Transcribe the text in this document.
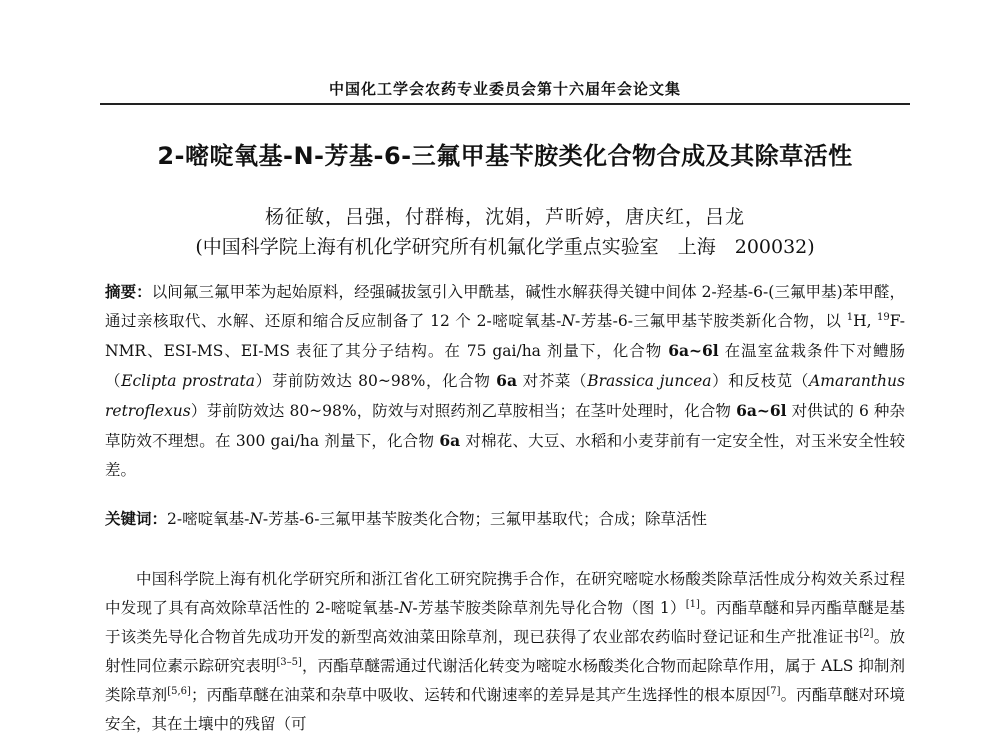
中国化工学会农药专业委员会第十六届年会论文集
2-嘧啶氧基-N-芳基-6-三氟甲基苄胺类化合物合成及其除草活性
杨征敏，吕强，付群梅，沈娟，芦昕婷，唐庆红，吕龙
(中国科学院上海有机化学研究所有机氟化学重点实验室　上海　200032)
摘要：以间氟三氟甲苯为起始原料，经强碱拔氢引入甲酰基，碱性水解获得关键中间体 2-羟基-6-(三氟甲基)苯甲醛，通过亲核取代、水解、还原和缩合反应制备了 12 个 2-嘧啶氧基-N-芳基-6-三氟甲基苄胺类新化合物，以 $^1$H, $^{19}$F-NMR、ESI-MS、EI-MS 表征了其分子结构。在 75 gai/ha 剂量下，化合物 6a~6l 在温室盆栽条件下对鳢肠（Eclipta prostrata）芽前防效达 80~98%，化合物 6a 对芥菜（Brassica juncea）和反枝苋（Amaranthus retroflexus）芽前防效达 80~98%，防效与对照药剂乙草胺相当；在茎叶处理时，化合物 6a~6l 对供试的 6 种杂草防效不理想。在 300 gai/ha 剂量下，化合物 6a 对棉花、大豆、水稻和小麦芽前有一定安全性，对玉米安全性较差。
关键词：2-嘧啶氧基-N-芳基-6-三氟甲基苄胺类化合物；三氟甲基取代；合成；除草活性

中国科学院上海有机化学研究所和浙江省化工研究院携手合作，在研究嘧啶水杨酸类除草活性成分构效关系过程中发现了具有高效除草活性的 2-嘧啶氧基-N-芳基苄胺类除草剂先导化合物（图 1）[1]。丙酯草醚和异丙酯草醚是基于该类先导化合物首先成功开发的新型高效油菜田除草剂，现已获得了农业部农药临时登记证和生产批准证书[2]。放射性同位素示踪研究表明[3–5]，丙酯草醚需通过代谢活化转变为嘧啶水杨酸类化合物而起除草作用，属于 ALS 抑制剂类除草剂[5,6]；丙酯草醚在油菜和杂草中吸收、运转和代谢速率的差异是其产生选择性的根本原因[7]。丙酯草醚对环境安全，其在土壤中的残留（可
